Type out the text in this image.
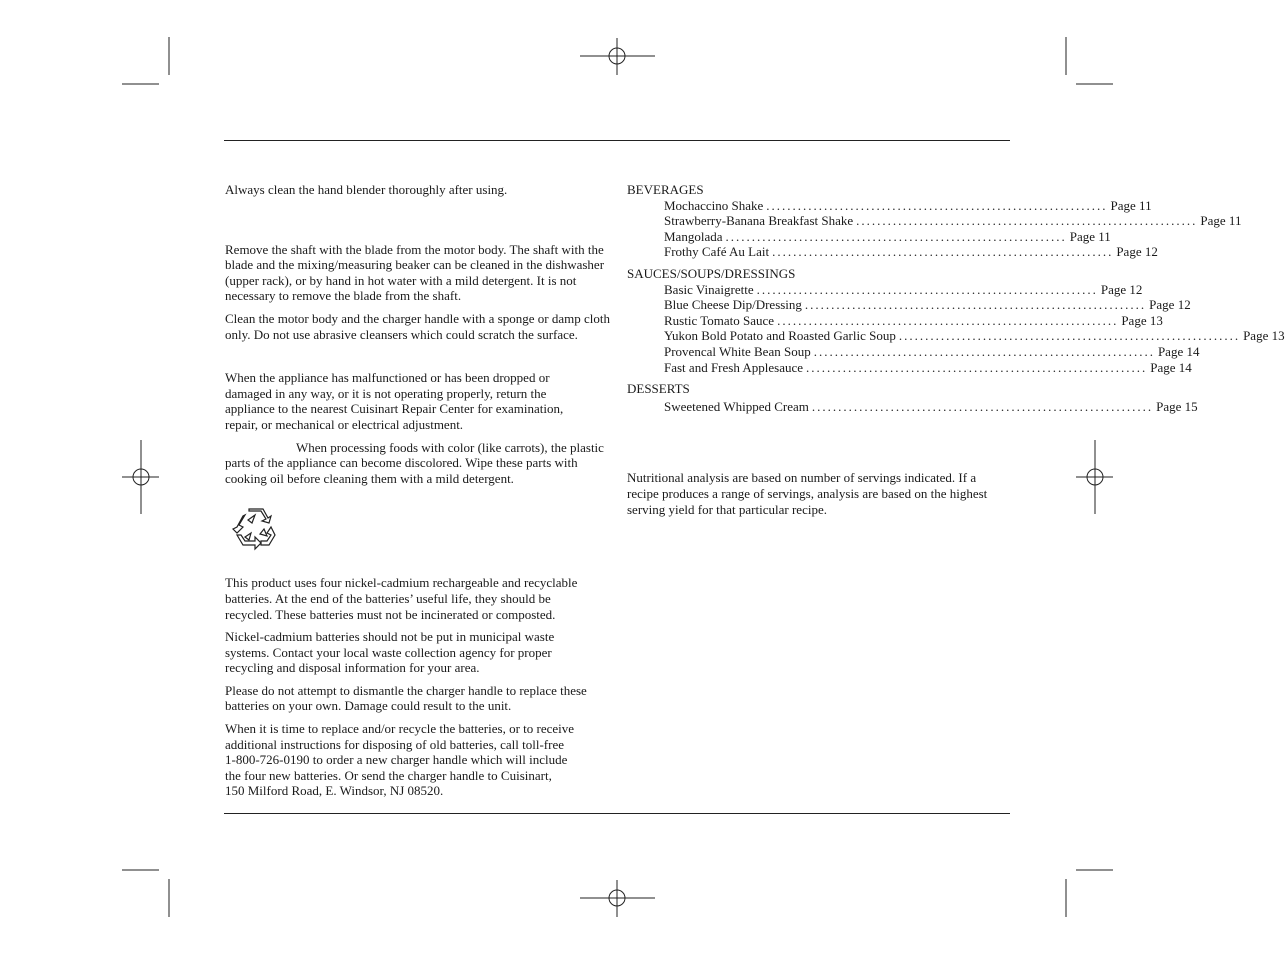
Always clean the hand blender thoroughly after using.

Remove the shaft with the blade from the motor body. The shaft with the blade and the mixing/measuring beaker can be cleaned in the dishwasher (upper rack), or by hand in hot water with a mild detergent. It is not necessary to remove the blade from the shaft.

Clean the motor body and the charger handle with a sponge or damp cloth only. Do not use abrasive cleansers which could scratch the surface.

When the appliance has malfunctioned or has been dropped or damaged in any way, or it is not operating properly, return the appliance to the nearest Cuisinart Repair Center for examination, repair, or mechanical or electrical adjustment.

When processing foods with color (like carrots), the plastic parts of the appliance can become discolored. Wipe these parts with cooking oil before cleaning them with a mild detergent.

This product uses four nickel-cadmium rechargeable and recyclable batteries. At the end of the batteries’ useful life, they should be recycled. These batteries must not be incinerated or composted.

Nickel-cadmium batteries should not be put in municipal waste systems. Contact your local waste collection agency for proper recycling and disposal information for your area.

Please do not attempt to dismantle the charger handle to replace these batteries on your own. Damage could result to the unit.

When it is time to replace and/or recycle the batteries, or to receive
additional instructions for disposing of old batteries, call toll-free
1-800-726-0190 to order a new charger handle which will include
the four new batteries. Or send the charger handle to Cuisinart,
150 Milford Road, E. Windsor, NJ 08520.

BEVERAGES
Mochaccino Shake ................................................................. Page 11
Strawberry-Banana Breakfast Shake ................................................................. Page 11
Mangolada ................................................................. Page 11
Frothy Café Au Lait ................................................................. Page 12
SAUCES/SOUPS/DRESSINGS
Basic Vinaigrette ................................................................. Page 12
Blue Cheese Dip/Dressing ................................................................. Page 12
Rustic Tomato Sauce ................................................................. Page 13
Yukon Bold Potato and Roasted Garlic Soup ................................................................. Page 13
Provencal White Bean Soup ................................................................. Page 14
Fast and Fresh Applesauce ................................................................. Page 14
DESSERTS
Sweetened Whipped Cream ................................................................. Page 15

Nutritional analysis are based on number of servings indicated. If a recipe produces a range of servings, analysis are based on the highest serving yield for that particular recipe.
